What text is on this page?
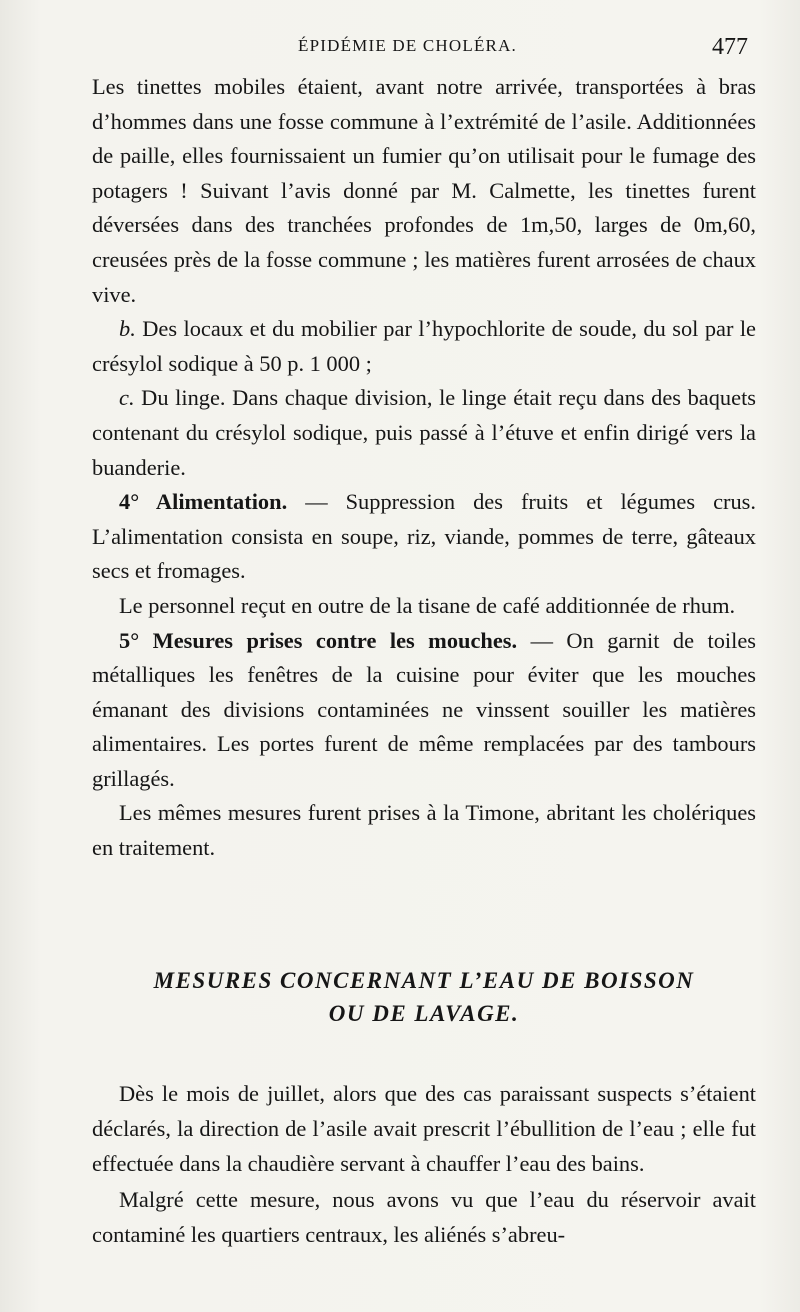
ÉPIDÉMIE DE CHOLÉRA.	477

Les tinettes mobiles étaient, avant notre arrivée, transportées à bras d’hommes dans une fosse commune à l’extrémité de l’asile. Additionnées de paille, elles fournissaient un fumier qu’on utilisait pour le fumage des potagers ! Suivant l’avis donné par M. Calmette, les tinettes furent déversées dans des tranchées profondes de 1m,50, larges de 0m,60, creusées près de la fosse commune ; les matières furent arrosées de chaux vive.

b. Des locaux et du mobilier par l’hypochlorite de soude, du sol par le crésylol sodique à 50 p. 1 000 ;

c. Du linge. Dans chaque division, le linge était reçu dans des baquets contenant du crésylol sodique, puis passé à l’étuve et enfin dirigé vers la buanderie.

4° Alimentation. — Suppression des fruits et légumes crus. L’alimentation consista en soupe, riz, viande, pommes de terre, gâteaux secs et fromages.

Le personnel reçut en outre de la tisane de café additionnée de rhum.

5° Mesures prises contre les mouches. — On garnit de toiles métalliques les fenêtres de la cuisine pour éviter que les mouches émanant des divisions contaminées ne vinssent souiller les matières alimentaires. Les portes furent de même remplacées par des tambours grillagés.

Les mêmes mesures furent prises à la Timone, abritant les cholériques en traitement.

MESURES CONCERNANT L’EAU DE BOISSON
OU DE LAVAGE.

Dès le mois de juillet, alors que des cas paraissant suspects s’étaient déclarés, la direction de l’asile avait prescrit l’ébullition de l’eau ; elle fut effectuée dans la chaudière servant à chauffer l’eau des bains.

Malgré cette mesure, nous avons vu que l’eau du réservoir avait contaminé les quartiers centraux, les aliénés s’abreu-
